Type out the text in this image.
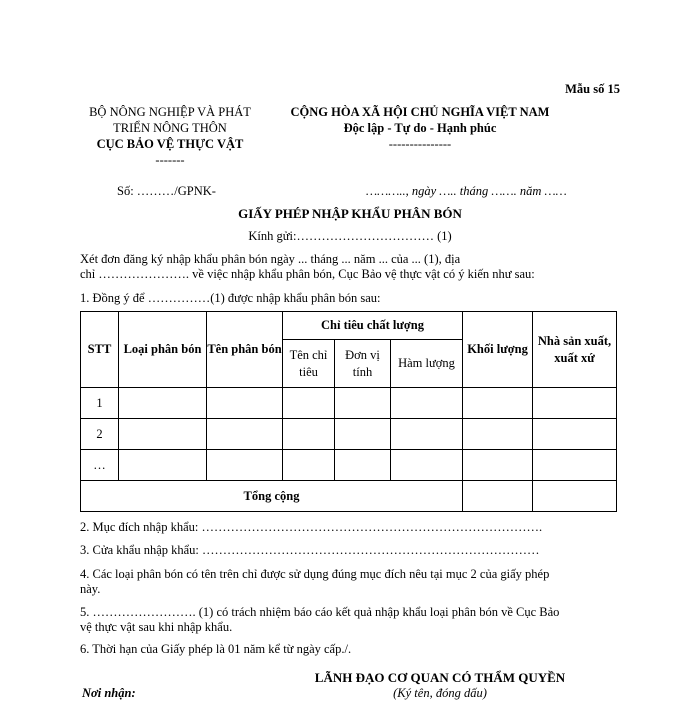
Mẫu số 15
BỘ NÔNG NGHIỆP VÀ PHÁT
TRIỂN NÔNG THÔN
CỤC BẢO VỆ THỰC VẬT
-------
CỘNG HÒA XÃ HỘI CHỦ NGHĨA VIỆT NAM
Độc lập - Tự do - Hạnh phúc
---------------
Số: ………/GPNK-	……….., ngày ….. tháng ……. năm ……
GIẤY PHÉP NHẬP KHẨU PHÂN BÓN
Kính gửi:…………………………… (1)
Xét đơn đăng ký nhập khẩu phân bón ngày ... tháng ... năm ... của ... (1), địa
chỉ …………………. về việc nhập khẩu phân bón, Cục Bảo vệ thực vật có ý kiến như sau:
1. Đồng ý để ……………(1) được nhập khẩu phân bón sau:
STT	Loại phân bón	Tên phân bón	Chỉ tiêu chất lượng			Khối lượng	Nhà sản xuất, xuất xứ
			Tên chỉ tiêu	Đơn vị tính	Hàm lượng		
1							
2							
…							
Tổng cộng							
2. Mục đích nhập khẩu: ……………………………………………………………………….
3. Cửa khẩu nhập khẩu: ………………………………………………………………………
4. Các loại phân bón có tên trên chỉ được sử dụng đúng mục đích nêu tại mục 2 của giấy phép
này.
5. ……………………. (1) có trách nhiệm báo cáo kết quả nhập khẩu loại phân bón về Cục Bảo
vệ thực vật sau khi nhập khẩu.
6. Thời hạn của Giấy phép là 01 năm kể từ ngày cấp./.
LÃNH ĐẠO CƠ QUAN CÓ THẨM QUYỀN
(Ký tên, đóng dấu)
Nơi nhận:
